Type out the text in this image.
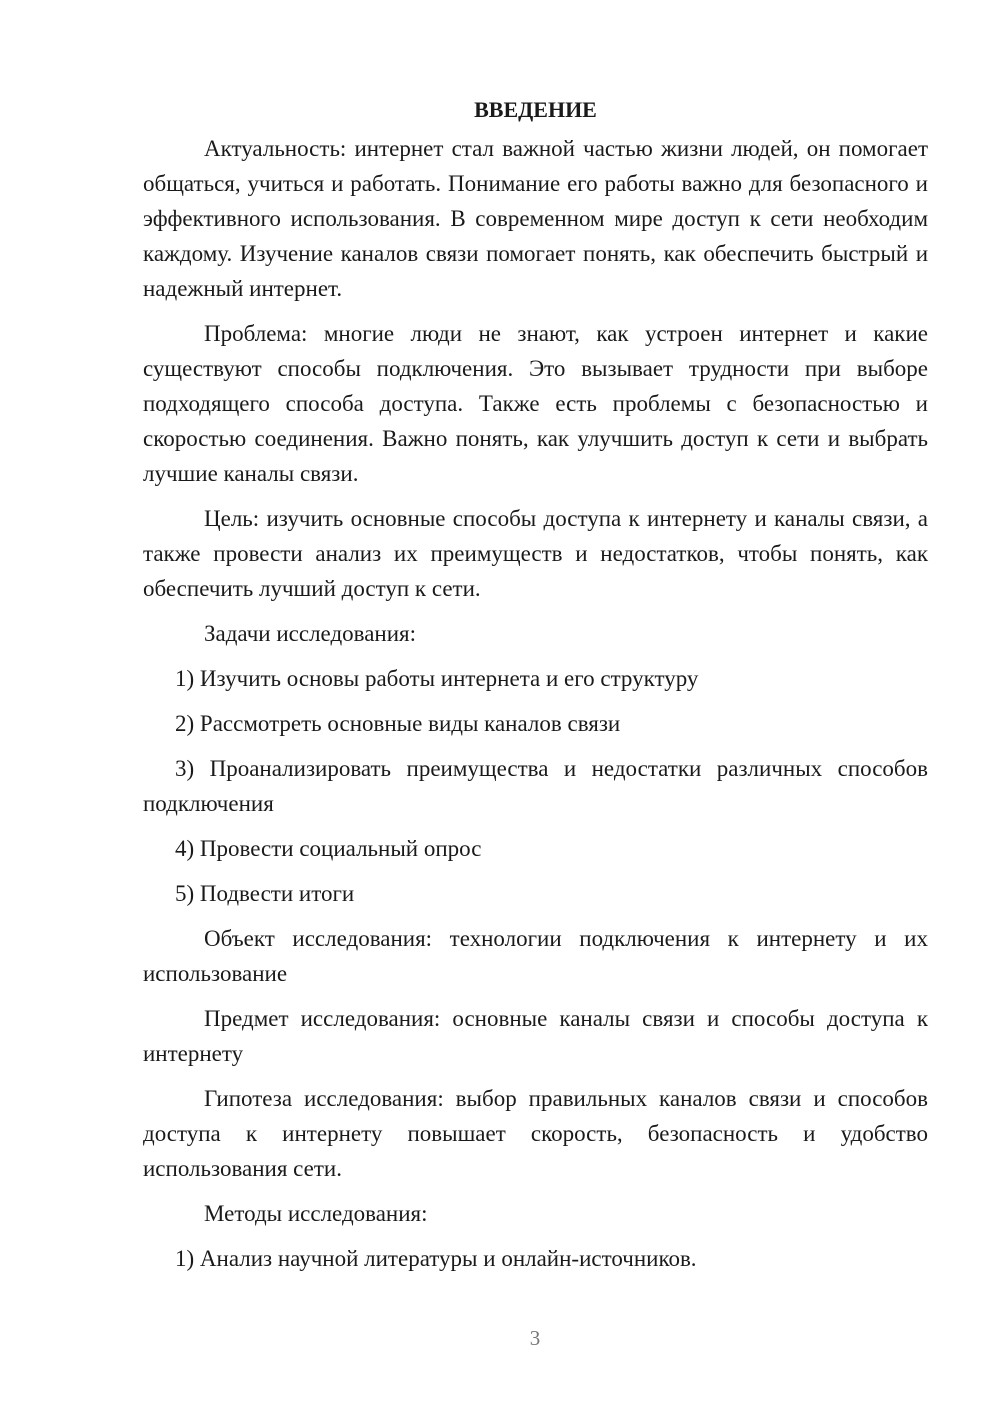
ВВЕДЕНИЕ

Актуальность: интернет стал важной частью жизни людей, он помогает общаться, учиться и работать. Понимание его работы важно для безопасного и эффективного использования. В современном мире доступ к сети необходим каждому. Изучение каналов связи помогает понять, как обеспечить быстрый и надежный интернет.

Проблема: многие люди не знают, как устроен интернет и какие существуют способы подключения. Это вызывает трудности при выборе подходящего способа доступа. Также есть проблемы с безопасностью и скоростью соединения. Важно понять, как улучшить доступ к сети и выбрать лучшие каналы связи.

Цель: изучить основные способы доступа к интернету и каналы связи, а также провести анализ их преимуществ и недостатков, чтобы понять, как обеспечить лучший доступ к сети.

Задачи исследования:

1) Изучить основы работы интернета и его структуру

2) Рассмотреть основные виды каналов связи

3) Проанализировать преимущества и недостатки различных способов подключения

4) Провести социальный опрос

5) Подвести итоги

Объект исследования: технологии подключения к интернету и их использование

Предмет исследования: основные каналы связи и способы доступа к интернету

Гипотеза исследования: выбор правильных каналов связи и способов доступа к интернету повышает скорость, безопасность и удобство использования сети.

Методы исследования:

1) Анализ научной литературы и онлайн-источников.

3
